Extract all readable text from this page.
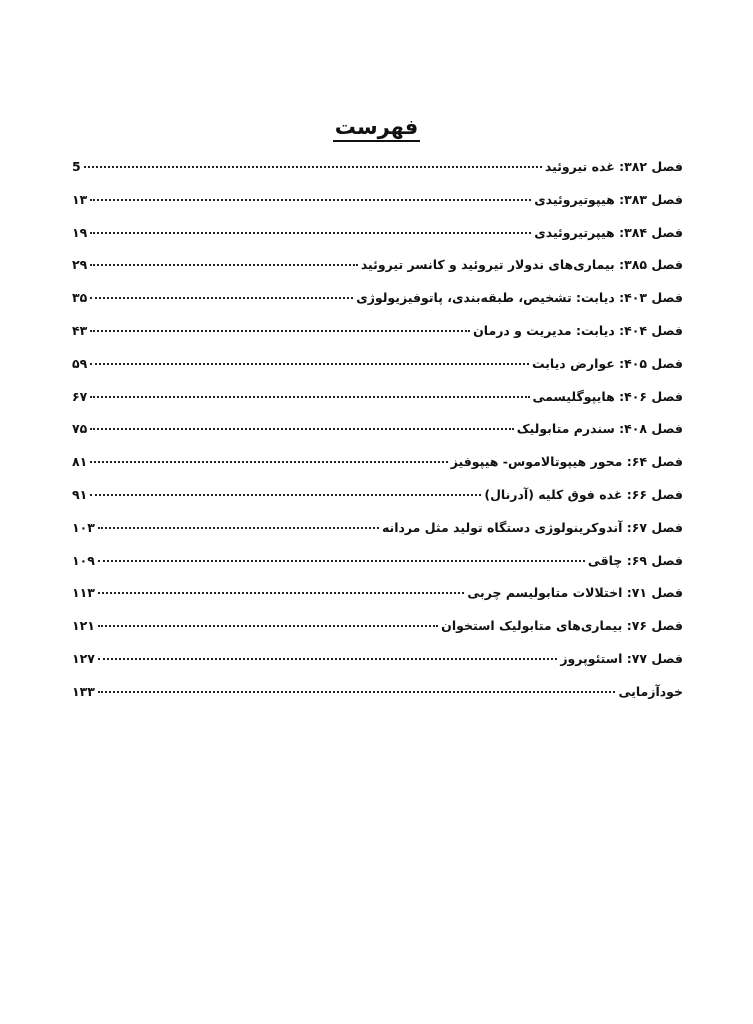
فهرست
فصل ۳۸۲: غده تیروئید
5
فصل ۳۸۳: هیپوتیروئیدی
۱۳
فصل ۳۸۴: هیپرتیروئیدی
۱۹
فصل ۳۸۵: بیماری‌های ندولار تیروئید و کانسر تیروئید
۲۹
فصل ۴۰۳: دیابت: تشخیص، طبقه‌بندی، پاتوفیزیولوژی
۳۵
فصل ۴۰۴: دیابت: مدیریت و درمان
۴۳
فصل ۴۰۵: عوارض دیابت
۵۹
فصل ۴۰۶: هایپوگلیسمی
۶۷
فصل ۴۰۸: سندرم متابولیک
۷۵
فصل ۶۴: محور هیپوتالاموس- هیپوفیز
۸۱
فصل ۶۶: غده فوق کلیه (آدرنال)
۹۱
فصل ۶۷: آندوکرینولوژی دستگاه تولید مثل مردانه
۱۰۳
فصل ۶۹: چاقی
۱۰۹
فصل ۷۱: اختلالات متابولیسم چربی
۱۱۳
فصل ۷۶: بیماری‌های متابولیک استخوان
۱۲۱
فصل ۷۷: استئوپروز
۱۲۷
خودآزمایی
۱۳۳
